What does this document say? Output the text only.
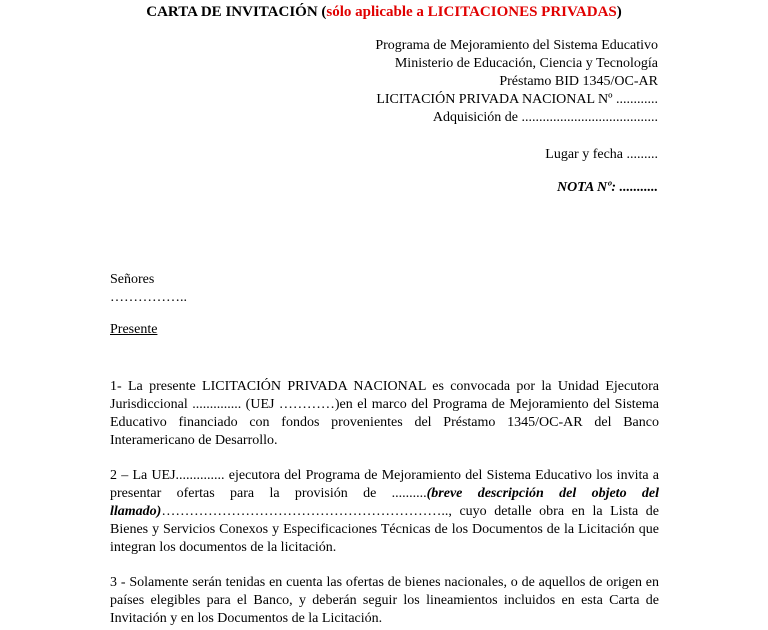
CARTA DE INVITACIÓN (sólo aplicable a LICITACIONES PRIVADAS)
Programa de Mejoramiento del Sistema Educativo
Ministerio de Educación, Ciencia y Tecnología
Préstamo BID 1345/OC-AR
LICITACIÓN PRIVADA NACIONAL Nº ............
Adquisición de .......................................
Lugar y fecha .........
NOTA Nº: ...........
Señores
……………..
Presente
1- La presente LICITACIÓN PRIVADA NACIONAL es convocada por la Unidad Ejecutora Jurisdiccional .............. (UEJ …………)en el marco del Programa de Mejoramiento del Sistema Educativo financiado con fondos provenientes del Préstamo 1345/OC-AR del Banco Interamericano de Desarrollo.
2 – La UEJ.............. ejecutora del Programa de Mejoramiento del Sistema Educativo los invita a presentar ofertas para la provisión de ..........(breve descripción del objeto del llamado)…………………………………………………….., cuyo detalle obra en la Lista de Bienes y Servicios Conexos y Especificaciones Técnicas de los Documentos de la Licitación que integran los documentos de la licitación.
3 - Solamente serán tenidas en cuenta las ofertas de bienes nacionales, o de aquellos de origen en países elegibles para el Banco, y deberán seguir los lineamientos incluidos en esta Carta de Invitación y en los Documentos de la Licitación.
